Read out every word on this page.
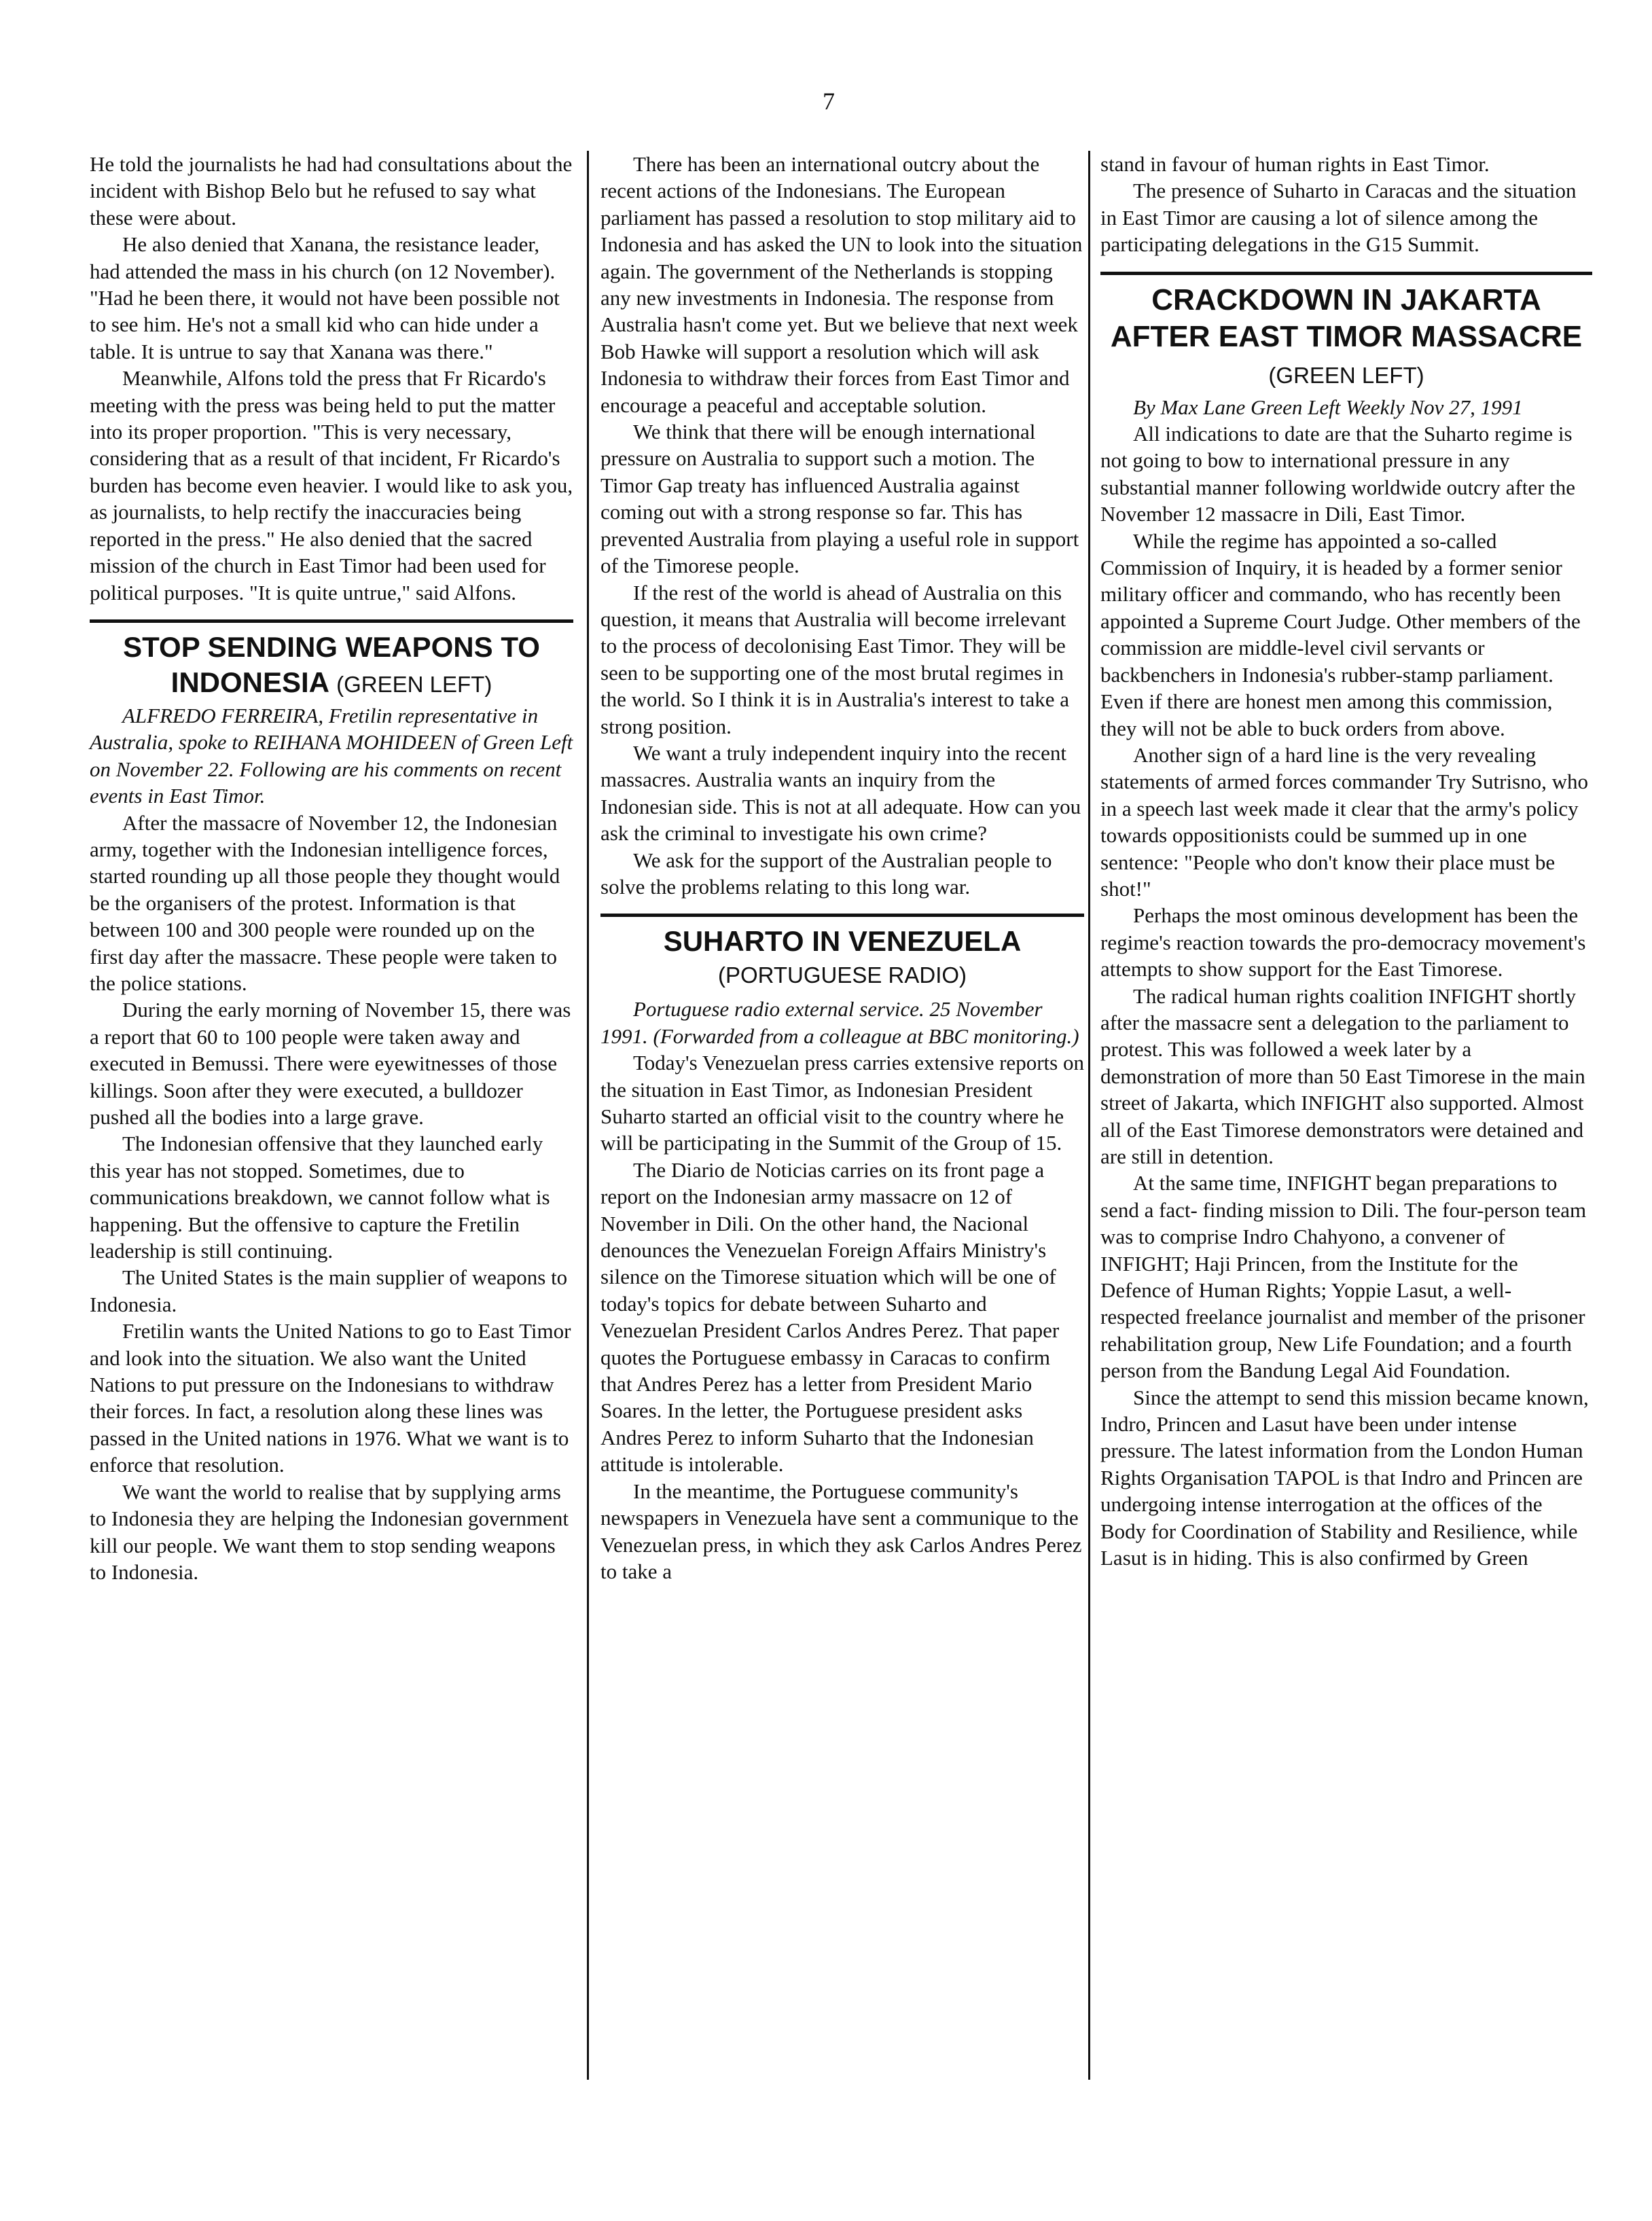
7

He told the journalists he had had consultations about the incident with Bishop Belo but he refused to say what these were about.

He also denied that Xanana, the resistance leader, had attended the mass in his church (on 12 November). "Had he been there, it would not have been possible not to see him. He's not a small kid who can hide under a table. It is untrue to say that Xanana was there."

Meanwhile, Alfons told the press that Fr Ricardo's meeting with the press was being held to put the matter into its proper proportion. "This is very necessary, considering that as a result of that incident, Fr Ricardo's burden has become even heavier. I would like to ask you, as journalists, to help rectify the inaccuracies being reported in the press." He also denied that the sacred mission of the church in East Timor had been used for political purposes. "It is quite untrue," said Alfons.

STOP SENDING WEAPONS TO INDONESIA (GREEN LEFT)

ALFREDO FERREIRA, Fretilin representative in Australia, spoke to REIHANA MOHIDEEN of Green Left on November 22. Following are his comments on recent events in East Timor.

After the massacre of November 12, the Indonesian army, together with the Indonesian intelligence forces, started rounding up all those people they thought would be the organisers of the protest. Information is that between 100 and 300 people were rounded up on the first day after the massacre. These people were taken to the police stations.

During the early morning of November 15, there was a report that 60 to 100 people were taken away and executed in Bemussi. There were eyewitnesses of those killings. Soon after they were executed, a bulldozer pushed all the bodies into a large grave.

The Indonesian offensive that they launched early this year has not stopped. Sometimes, due to communications breakdown, we cannot follow what is happening. But the offensive to capture the Fretilin leadership is still continuing.

The United States is the main supplier of weapons to Indonesia.

Fretilin wants the United Nations to go to East Timor and look into the situation. We also want the United Nations to put pressure on the Indonesians to withdraw their forces. In fact, a resolution along these lines was passed in the United nations in 1976. What we want is to enforce that resolution.

We want the world to realise that by supplying arms to Indonesia they are helping the Indonesian government kill our people. We want them to stop sending weapons to Indonesia.

There has been an international outcry about the recent actions of the Indonesians. The European parliament has passed a resolution to stop military aid to Indonesia and has asked the UN to look into the situation again. The government of the Netherlands is stopping any new investments in Indonesia. The response from Australia hasn't come yet. But we believe that next week Bob Hawke will support a resolution which will ask Indonesia to withdraw their forces from East Timor and encourage a peaceful and acceptable solution.

We think that there will be enough international pressure on Australia to support such a motion. The Timor Gap treaty has influenced Australia against coming out with a strong response so far. This has prevented Australia from playing a useful role in support of the Timorese people.

If the rest of the world is ahead of Australia on this question, it means that Australia will become irrelevant to the process of decolonising East Timor. They will be seen to be supporting one of the most brutal regimes in the world. So I think it is in Australia's interest to take a strong position.

We want a truly independent inquiry into the recent massacres. Australia wants an inquiry from the Indonesian side. This is not at all adequate. How can you ask the criminal to investigate his own crime?

We ask for the support of the Australian people to solve the problems relating to this long war.

SUHARTO IN VENEZUELA
(PORTUGUESE RADIO)

Portuguese radio external service. 25 November 1991. (Forwarded from a colleague at BBC monitoring.)

Today's Venezuelan press carries extensive reports on the situation in East Timor, as Indonesian President Suharto started an official visit to the country where he will be participating in the Summit of the Group of 15.

The Diario de Noticias carries on its front page a report on the Indonesian army massacre on 12 of November in Dili. On the other hand, the Nacional denounces the Venezuelan Foreign Affairs Ministry's silence on the Timorese situation which will be one of today's topics for debate between Suharto and Venezuelan President Carlos Andres Perez. That paper quotes the Portuguese embassy in Caracas to confirm that Andres Perez has a letter from President Mario Soares. In the letter, the Portuguese president asks Andres Perez to inform Suharto that the Indonesian attitude is intolerable.

In the meantime, the Portuguese community's newspapers in Venezuela have sent a communique to the Venezuelan press, in which they ask Carlos Andres Perez to take a

stand in favour of human rights in East Timor.

The presence of Suharto in Caracas and the situation in East Timor are causing a lot of silence among the participating delegations in the G15 Summit.

CRACKDOWN IN JAKARTA AFTER EAST TIMOR MASSACRE (GREEN LEFT)

By Max Lane Green Left Weekly Nov 27, 1991

All indications to date are that the Suharto regime is not going to bow to international pressure in any substantial manner following worldwide outcry after the November 12 massacre in Dili, East Timor.

While the regime has appointed a so-called Commission of Inquiry, it is headed by a former senior military officer and commando, who has recently been appointed a Supreme Court Judge. Other members of the commission are middle-level civil servants or backbenchers in Indonesia's rubber-stamp parliament. Even if there are honest men among this commission, they will not be able to buck orders from above.

Another sign of a hard line is the very revealing statements of armed forces commander Try Sutrisno, who in a speech last week made it clear that the army's policy towards oppositionists could be summed up in one sentence: "People who don't know their place must be shot!"

Perhaps the most ominous development has been the regime's reaction towards the pro-democracy movement's attempts to show support for the East Timorese.

The radical human rights coalition INFIGHT shortly after the massacre sent a delegation to the parliament to protest. This was followed a week later by a demonstration of more than 50 East Timorese in the main street of Jakarta, which INFIGHT also supported. Almost all of the East Timorese demonstrators were detained and are still in detention.

At the same time, INFIGHT began preparations to send a fact- finding mission to Dili. The four-person team was to comprise Indro Chahyono, a convener of INFIGHT; Haji Princen, from the Institute for the Defence of Human Rights; Yoppie Lasut, a well- respected freelance journalist and member of the prisoner rehabilitation group, New Life Foundation; and a fourth person from the Bandung Legal Aid Foundation.

Since the attempt to send this mission became known, Indro, Princen and Lasut have been under intense pressure. The latest information from the London Human Rights Organisation TAPOL is that Indro and Princen are undergoing intense interrogation at the offices of the Body for Coordination of Stability and Resilience, while Lasut is in hiding. This is also confirmed by Green
